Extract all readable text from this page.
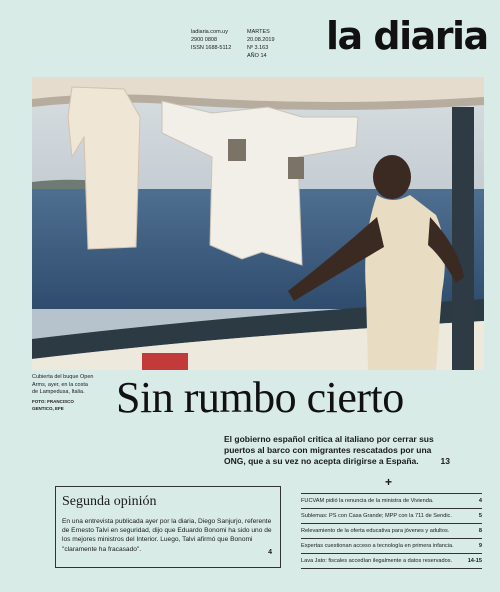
ladiaria.com.uy
2900 0808
ISSN 1688-5112
MARTES
20.08.2019
Nº 3.163
AÑO 14 la diaria
Cubierta del buque Open Arms, ayer, en la costa de Lampedusa, Italia.
FOTO: FRANCISCO GENTICO, EFE	Sin rumbo cierto
El gobierno español critica al italiano por cerrar sus puertos al barco con migrantes rescatados por una ONG, que a su vez no acepta dirigirse a España.	13
Segunda opinión
En una entrevista publicada ayer por la diaria, Diego Sanjurjo, referente de Ernesto Talvi en seguridad, dijo que Eduardo Bonomi ha sido uno de los mejores ministros del Interior. Luego, Talvi afirmó que Bonomi "claramente ha fracasado".	4
+
FUCVAM pidió la renuncia de la ministra de Vivienda.	4
Sublemas: PS con Casa Grande; MPP con la 711 de Sendic.	5
Relevamiento de la oferta educativa para jóvenes y adultos.	8
Expertas cuestionan acceso a tecnología en primera infancia.	9
Lava Jato: fiscales accedían ilegalmente a datos reservados.	14-15
